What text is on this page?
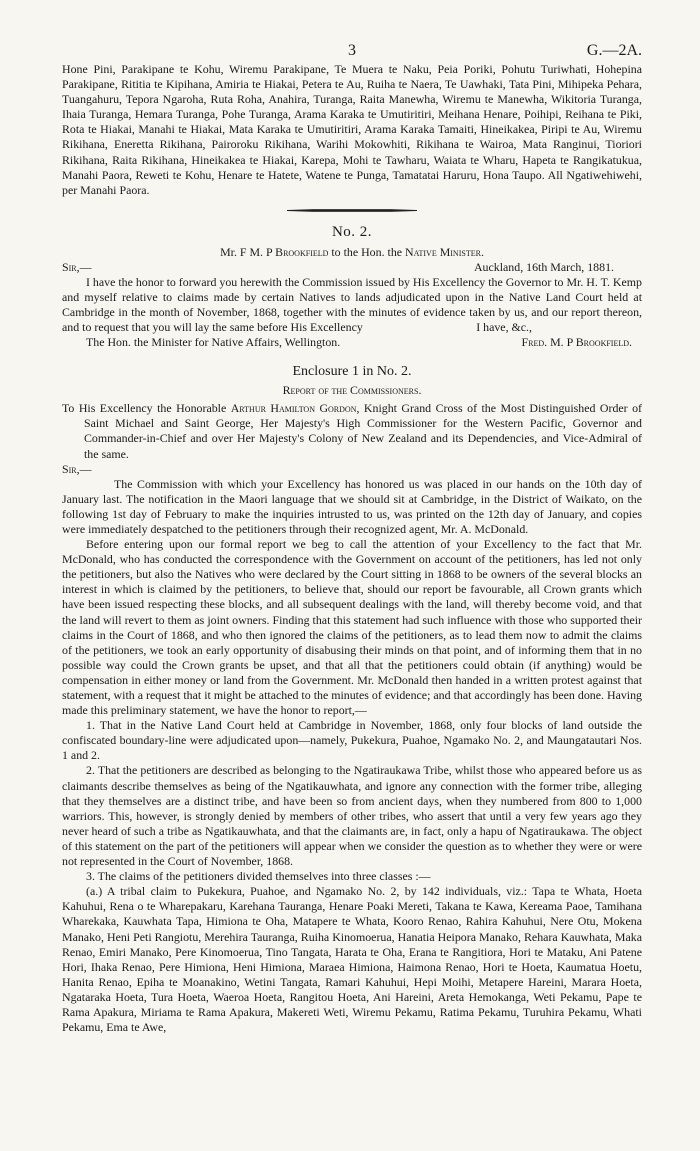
3	G.—2A.

Hone Pini, Parakipane te Kohu, Wiremu Parakipane, Te Muera te Naku, Peia Poriki, Pohutu Turiwhati, Hohepina Parakipane, Rititia te Kipihana, Amiria te Hiakai, Petera te Au, Ruiha te Naera, Te Uawhaki, Tata Pini, Mihipeka Pehara, Tuangahuru, Tepora Ngaroha, Ruta Roha, Anahira, Turanga, Raita Manewha, Wiremu te Manewha, Wikitoria Turanga, Ihaia Turanga, Hemara Turanga, Pohe Turanga, Arama Karaka te Umutiritiri, Meihana Henare, Poihipi, Reihana te Piki, Rota te Hiakai, Manahi te Hiakai, Mata Karaka te Umutiritiri, Arama Karaka Tamaiti, Hineikakea, Piripi te Au, Wiremu Rikihana, Eneretta Rikihana, Pairoroku Rikihana, Warihi Mokowhiti, Rikihana te Wairoa, Mata Ranginui, Tioriori Rikihana, Raita Rikihana, Hineikakea te Hiakai, Karepa, Mohi te Tawharu, Waiata te Wharu, Hapeta te Rangikatukua, Manahi Paora, Reweti te Kohu, Henare te Hatete, Watene te Punga, Tamatatai Haruru, Hona Taupo. All Ngatiwehiwehi, per Manahi Paora.

No. 2.
Mr. F M. P Brookfield to the Hon. the Native Minister.
Sir,—	Auckland, 16th March, 1881.

I have the honor to forward you herewith the Commission issued by His Excellency the Governor to Mr. H. T. Kemp and myself relative to claims made by certain Natives to lands adjudicated upon in the Native Land Court held at Cambridge in the month of November, 1868, together with the minutes of evidence taken by us, and our report thereon, and to request that you will lay the same before His Excellency	I have, &c.,
The Hon. the Minister for Native Affairs, Wellington.	Fred. M. P Brookfield.
Enclosure 1 in No. 2.
Report of the Commissioners.

To His Excellency the Honorable Arthur Hamilton Gordon, Knight Grand Cross of the Most Distinguished Order of Saint Michael and Saint George, Her Majesty's High Commissioner for the Western Pacific, Governor and Commander-in-Chief and over Her Majesty's Colony of New Zealand and its Dependencies, and Vice-Admiral of the same.

Sir,—

The Commission with which your Excellency has honored us was placed in our hands on the 10th day of January last. The notification in the Maori language that we should sit at Cambridge, in the District of Waikato, on the following 1st day of February to make the inquiries intrusted to us, was printed on the 12th day of January, and copies were immediately despatched to the petitioners through their recognized agent, Mr. A. McDonald.

Before entering upon our formal report we beg to call the attention of your Excellency to the fact that Mr. McDonald, who has conducted the correspondence with the Government on account of the petitioners, has led not only the petitioners, but also the Natives who were declared by the Court sitting in 1868 to be owners of the several blocks an interest in which is claimed by the petitioners, to believe that, should our report be favourable, all Crown grants which have been issued respecting these blocks, and all subsequent dealings with the land, will thereby become void, and that the land will revert to them as joint owners. Finding that this statement had such influence with those who supported their claims in the Court of 1868, and who then ignored the claims of the petitioners, as to lead them now to admit the claims of the petitioners, we took an early opportunity of disabusing their minds on that point, and of informing them that in no possible way could the Crown grants be upset, and that all that the petitioners could obtain (if anything) would be compensation in either money or land from the Government. Mr. McDonald then handed in a written protest against that statement, with a request that it might be attached to the minutes of evidence; and that accordingly has been done. Having made this preliminary statement, we have the honor to report,—

1. That in the Native Land Court held at Cambridge in November, 1868, only four blocks of land outside the confiscated boundary-line were adjudicated upon—namely, Pukekura, Puahoe, Ngamako No. 2, and Maungatautari Nos. 1 and 2.

2. That the petitioners are described as belonging to the Ngatiraukawa Tribe, whilst those who appeared before us as claimants describe themselves as being of the Ngatikauwhata, and ignore any connection with the former tribe, alleging that they themselves are a distinct tribe, and have been so from ancient days, when they numbered from 800 to 1,000 warriors. This, however, is strongly denied by members of other tribes, who assert that until a very few years ago they never heard of such a tribe as Ngatikauwhata, and that the claimants are, in fact, only a hapu of Ngatiraukawa. The object of this statement on the part of the petitioners will appear when we consider the question as to whether they were or were not represented in the Court of November, 1868.

3. The claims of the petitioners divided themselves into three classes :—

(a.) A tribal claim to Pukekura, Puahoe, and Ngamako No. 2, by 142 individuals, viz.: Tapa te Whata, Hoeta Kahuhui, Rena o te Wharepakaru, Karehana Tauranga, Henare Poaki Mereti, Takana te Kawa, Kereama Paoe, Tamihana Wharekaka, Kauwhata Tapa, Himiona te Oha, Matapere te Whata, Kooro Renao, Rahira Kahuhui, Nere Otu, Mokena Manako, Heni Peti Rangiotu, Merehira Tauranga, Ruiha Kinomoerua, Hanatia Heipora Manako, Rehara Kauwhata, Maka Renao, Emiri Manako, Pere Kinomoerua, Tino Tangata, Harata te Oha, Erana te Rangitiora, Hori te Mataku, Ani Patene Hori, Ihaka Renao, Pere Himiona, Heni Himiona, Maraea Himiona, Haimona Renao, Hori te Hoeta, Kaumatua Hoetu, Hanita Renao, Epiha te Moanakino, Wetini Tangata, Ramari Kahuhui, Hepi Moihi, Metapere Hareini, Marara Hoeta, Ngataraka Hoeta, Tura Hoeta, Waeroa Hoeta, Rangitou Hoeta, Ani Hareini, Areta Hemokanga, Weti Pekamu, Pape te Rama Apakura, Miriama te Rama Apakura, Makereti Weti, Wiremu Pekamu, Ratima Pekamu, Turuhira Pekamu, Whati Pekamu, Ema te Awe,
